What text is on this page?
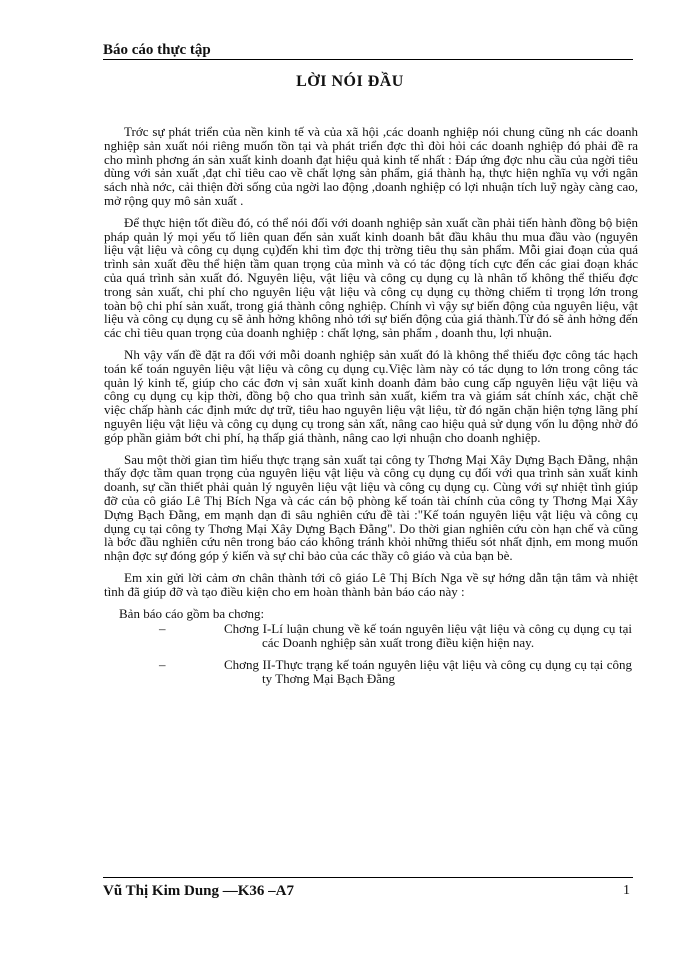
Báo cáo thực tập
LỜI NÓI ĐẦU

Trớc sự phát triển của nền kinh tế và của xã hội ,các doanh nghiệp nói chung cũng nh các doanh nghiệp sản xuất nói riêng muốn tồn tại và phát triển đợc thì đòi hỏi các doanh nghiệp đó phải đề ra cho mình phơng án sản xuất kinh doanh đạt hiệu quả kinh tế nhất : Đáp ứng đợc nhu cầu của ngời tiêu dùng với sản xuất ,đạt chỉ tiêu cao về chất lợng sản phẩm, giá thành hạ, thực hiện nghĩa vụ với ngân sách nhà nớc, cải thiện đời sống của ngời lao động ,doanh nghiệp có lợi nhuận tích luỹ ngày càng cao, mở rộng quy mô sản xuất .

Để thực hiện tốt điều đó, có thể nói đối với doanh nghiệp sản xuất cần phải tiến hành đồng bộ biện pháp quản lý mọi yếu tố liên quan đến sản xuất kinh doanh bắt đầu khâu thu mua đầu vào (nguyên liệu vật liệu và công cụ dụng cụ)đến khi tìm đợc thị trờng tiêu thụ sản phẩm. Mỗi giai đoạn của quá trình sản xuất đều thể hiện tầm quan trọng của mình và có tác động tích cực đến các giai đoạn khác của quá trình sản xuất đó. Nguyên liệu, vật liệu và công cụ dụng cụ là nhân tố không thể thiếu đợc trong sản xuất, chi phí cho nguyên liệu vật liệu và công cụ dụng cụ thờng chiếm tỉ trọng lớn trong toàn bộ chi phí sản xuất, trong giá thành công nghiệp. Chính vì vậy sự biến động của nguyên liệu, vật liệu và công cụ dụng cụ sẽ ảnh hởng không nhỏ tới sự biến động của giá thành.Từ đó sẽ ảnh hởng đến các chỉ tiêu quan trọng của doanh nghiệp : chất lợng, sản phẩm , doanh thu, lợi nhuận.

Nh vậy vấn đề đặt ra đối với mỗi doanh nghiệp sản xuất đó là không thể thiếu đợc công tác hạch toán kế toán nguyên liệu vật liệu và công cụ dụng cụ.Việc làm này có tác dụng to lớn trong công tác quản lý kinh tế, giúp cho các đơn vị sản xuất kinh doanh đảm bảo cung cấp nguyên liệu vật liệu và công cụ dụng cụ kịp thời, đồng bộ cho qua trình sản xuất, kiểm tra và giám sát chính xác, chặt chẽ việc chấp hành các định mức dự trữ, tiêu hao nguyên liệu vật liệu, từ đó ngăn chặn hiện tợng lãng phí nguyên liệu vật liệu và công cụ dụng cụ trong sản xất, nâng cao hiệu quả sử dụng vốn lu động nhờ đó góp phần giảm bớt chi phí, hạ thấp giá thành, nâng cao lợi nhuận cho doanh nghiệp.

Sau một thời gian tìm hiểu thực trạng sản xuất tại công ty Thơng Mại Xây Dựng Bạch Đằng, nhận thấy đợc tầm quan trọng của nguyên liệu vật liệu và công cụ dụng cụ đối với qua trình sản xuất kinh doanh, sự cần thiết phải quản lý nguyên liệu vật liệu và công cụ dụng cụ. Cùng với sự nhiệt tình giúp đỡ của cô giáo Lê Thị Bích Nga và các cán bộ phòng kế toán tài chính của công ty Thơng Mại Xây Dựng Bạch Đằng, em mạnh dạn đi sâu nghiên cứu đề tài :"Kế toán nguyên liệu vật liệu và công cụ dụng cụ tại công ty Thơng Mại Xây Dựng Bạch Đằng". Do thời gian nghiên cứu còn hạn chế và cũng là bớc đầu nghiên cứu nên trong báo cáo không tránh khỏi những thiếu sót nhất định, em mong muốn nhận đợc sự đóng góp ý kiến và sự chỉ bảo của các thầy cô giáo và của bạn bè.

Em xin gửi lời cảm ơn chân thành tới cô giáo Lê Thị Bích Nga về sự hớng dẫn tận tâm và nhiệt tình đã giúp đỡ và tạo điều kiện cho em hoàn thành bản báo cáo này :

Bản báo cáo gồm ba chơng:

–	Chơng I-Lí luận chung về kế toán nguyên liệu vật liệu và công cụ dụng cụ tại các Doanh nghiệp sản xuất trong điều kiện hiện nay.
–	Chơng II-Thực trạng kế toán nguyên liệu vật liệu và công cụ dụng cụ tại công ty Thơng Mại Bạch Đằng
Vũ Thị Kim Dung —K36 –A7	1
